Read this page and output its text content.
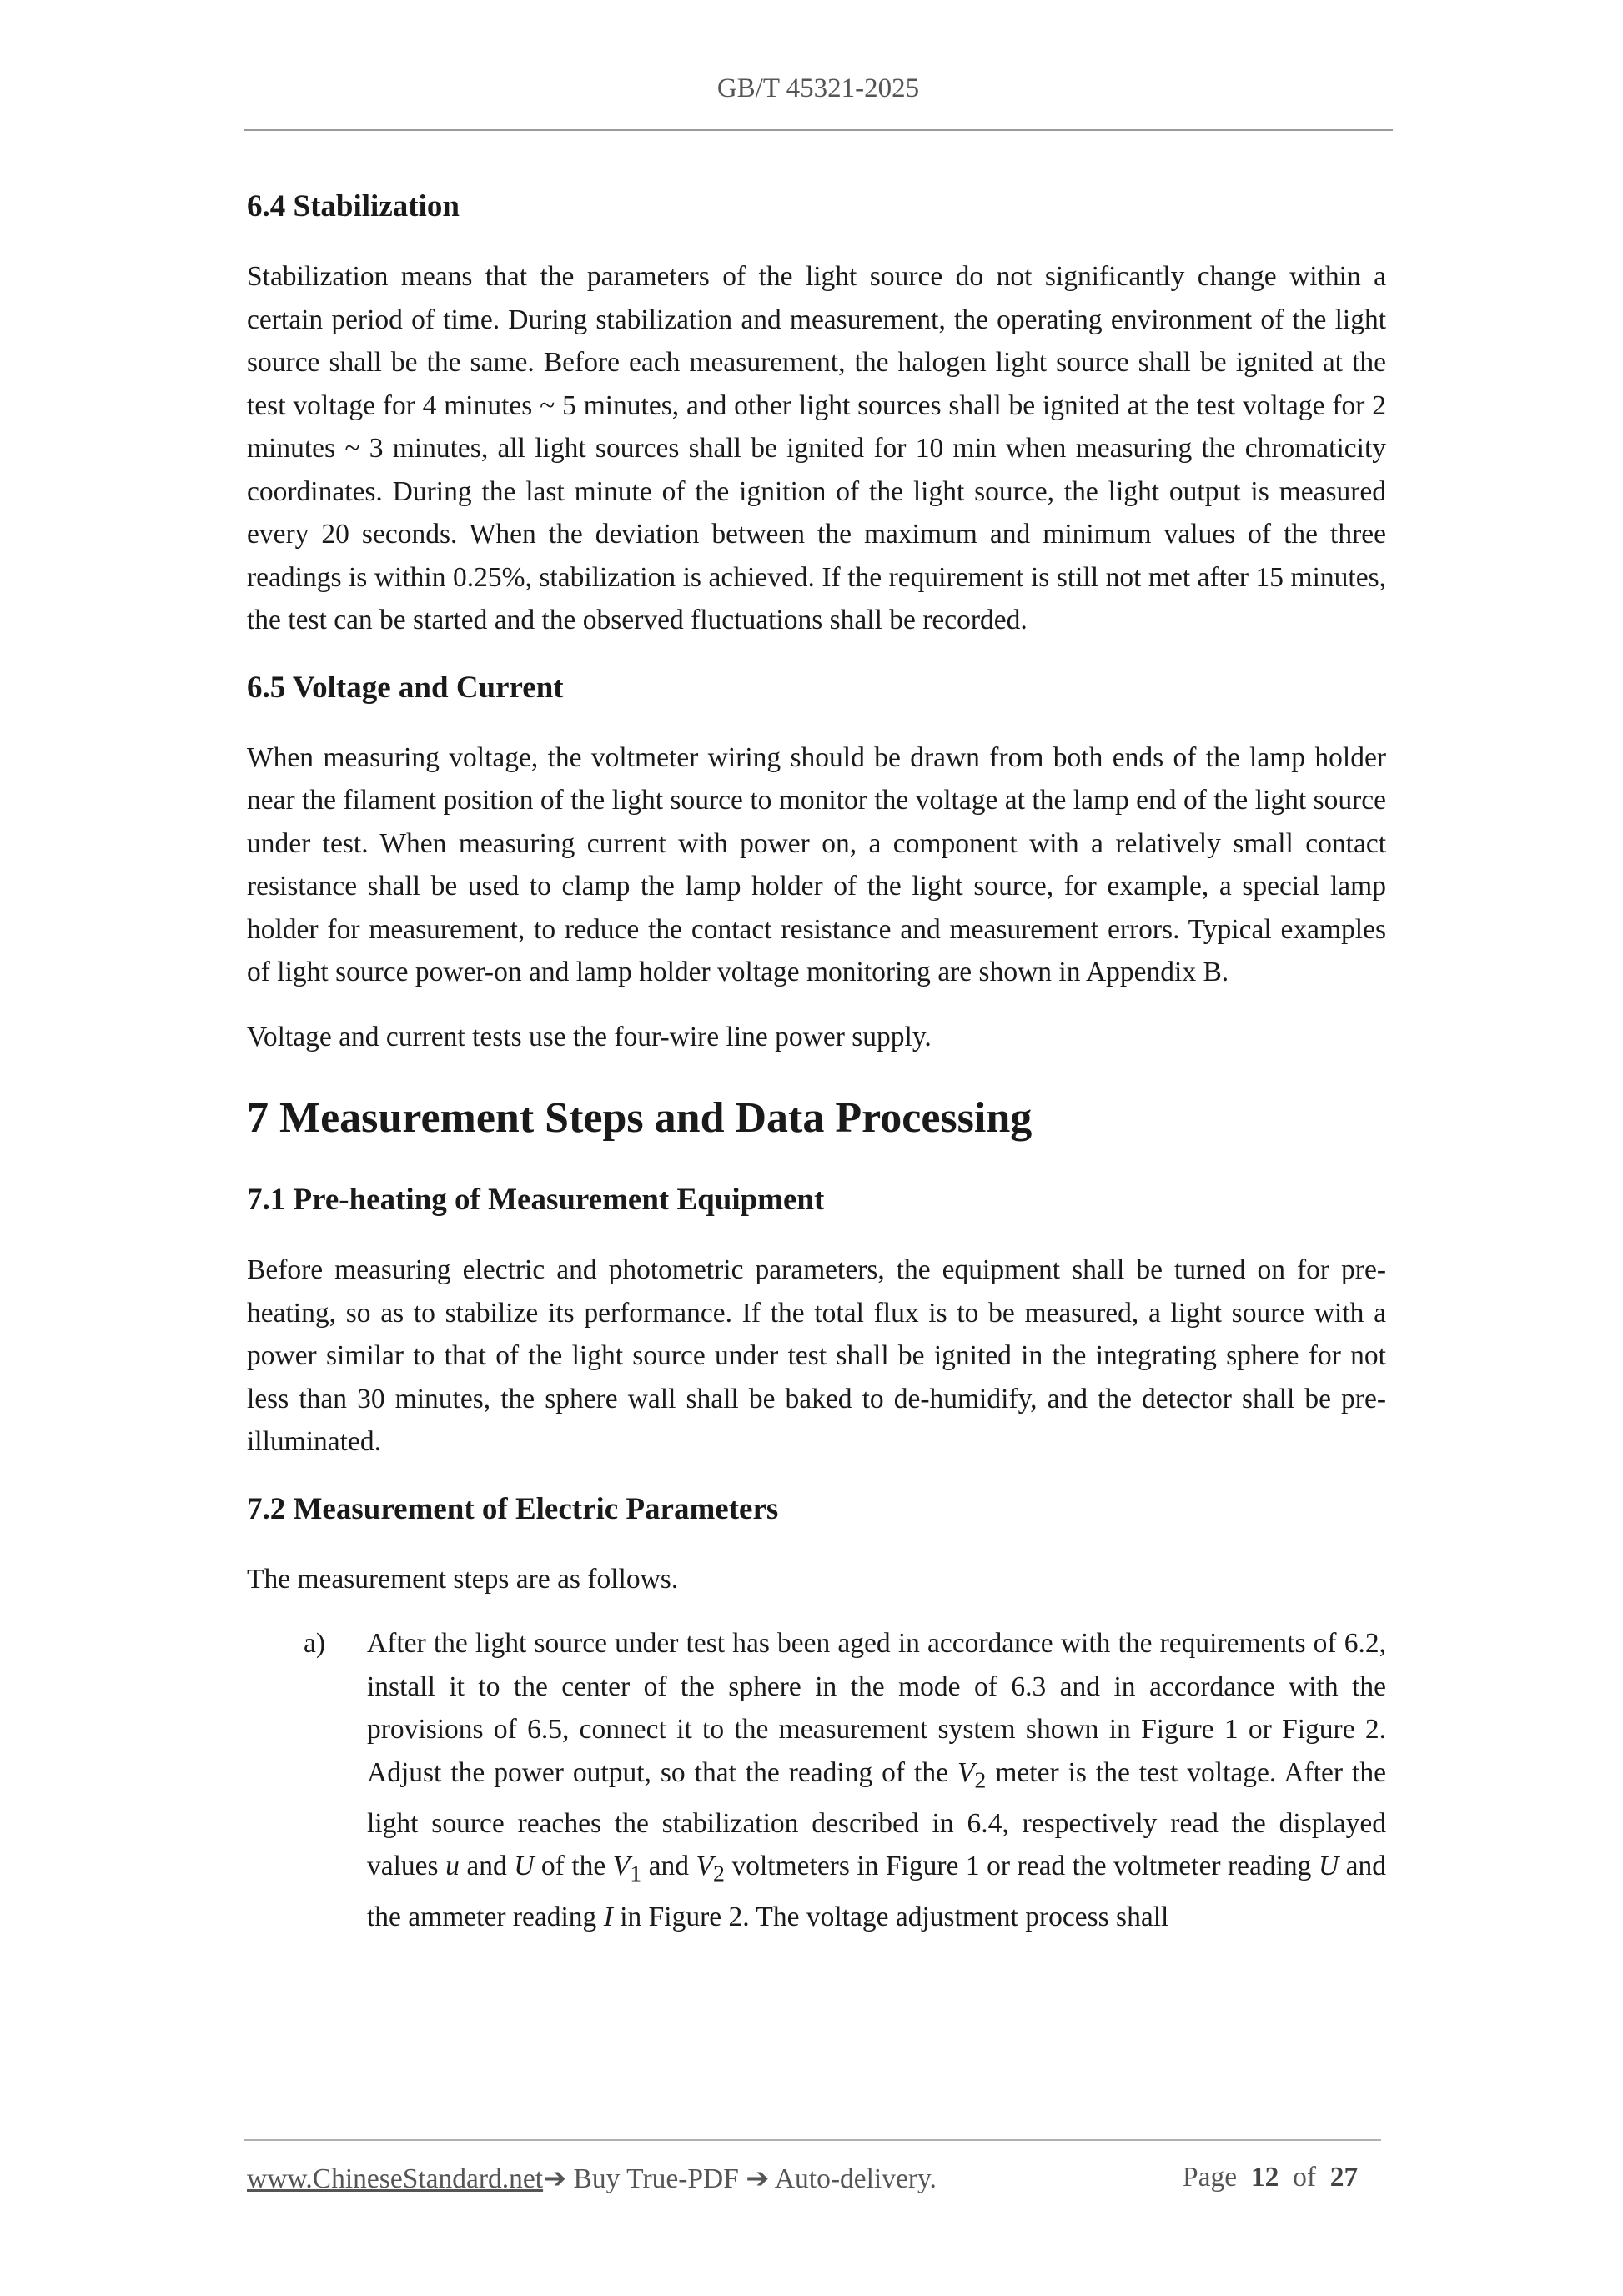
GB/T 45321-2025
6.4 Stabilization

Stabilization means that the parameters of the light source do not significantly change within a certain period of time. During stabilization and measurement, the operating environment of the light source shall be the same. Before each measurement, the halogen light source shall be ignited at the test voltage for 4 minutes ~ 5 minutes, and other light sources shall be ignited at the test voltage for 2 minutes ~ 3 minutes, all light sources shall be ignited for 10 min when measuring the chromaticity coordinates. During the last minute of the ignition of the light source, the light output is measured every 20 seconds. When the deviation between the maximum and minimum values of the three readings is within 0.25%, stabilization is achieved. If the requirement is still not met after 15 minutes, the test can be started and the observed fluctuations shall be recorded.

6.5 Voltage and Current

When measuring voltage, the voltmeter wiring should be drawn from both ends of the lamp holder near the filament position of the light source to monitor the voltage at the lamp end of the light source under test. When measuring current with power on, a component with a relatively small contact resistance shall be used to clamp the lamp holder of the light source, for example, a special lamp holder for measurement, to reduce the contact resistance and measurement errors. Typical examples of light source power-on and lamp holder voltage monitoring are shown in Appendix B.

Voltage and current tests use the four-wire line power supply.

7 Measurement Steps and Data Processing
7.1 Pre-heating of Measurement Equipment

Before measuring electric and photometric parameters, the equipment shall be turned on for pre-heating, so as to stabilize its performance. If the total flux is to be measured, a light source with a power similar to that of the light source under test shall be ignited in the integrating sphere for not less than 30 minutes, the sphere wall shall be baked to de-humidify, and the detector shall be pre-illuminated.

7.2 Measurement of Electric Parameters

The measurement steps are as follows.

a)	After the light source under test has been aged in accordance with the requirements of 6.2, install it to the center of the sphere in the mode of 6.3 and in accordance with the provisions of 6.5, connect it to the measurement system shown in Figure 1 or Figure 2. Adjust the power output, so that the reading of the $V_2$ meter is the test voltage. After the light source reaches the stabilization described in 6.4, respectively read the displayed values u and U of the $V_1$ and $V_2$ voltmeters in Figure 1 or read the voltmeter reading U and the ammeter reading I in Figure 2. The voltage adjustment process shall
www.ChineseStandard.net➔ Buy True-PDF ➔ Auto-delivery.	Page 12 of 27
